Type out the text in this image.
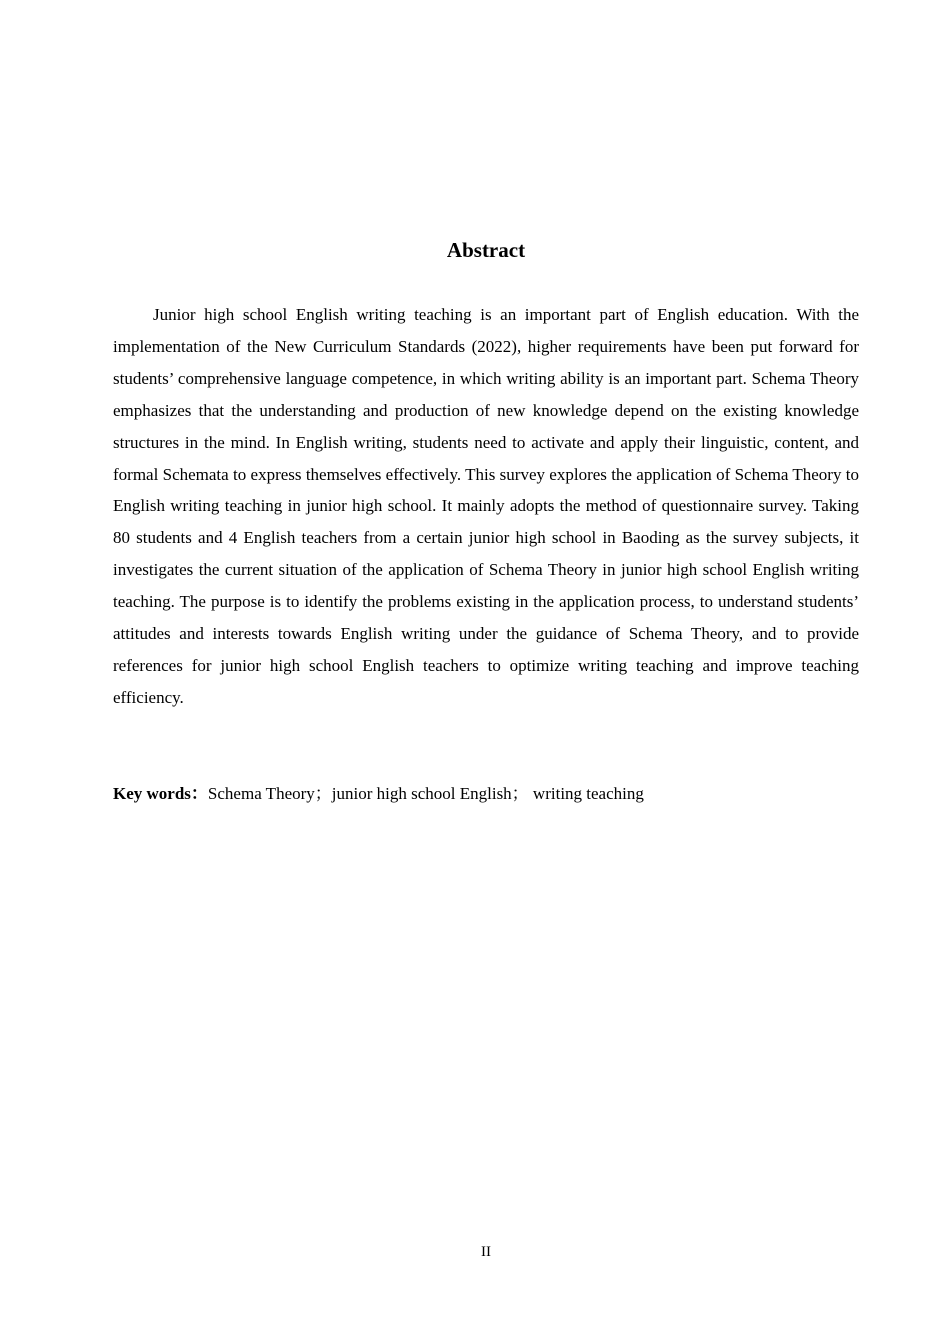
Abstract

Junior high school English writing teaching is an important part of English education. With the implementation of the New Curriculum Standards (2022), higher requirements have been put forward for students’ comprehensive language competence, in which writing ability is an important part. Schema Theory emphasizes that the understanding and production of new knowledge depend on the existing knowledge structures in the mind. In English writing, students need to activate and apply their linguistic, content, and formal Schemata to express themselves effectively. This survey explores the application of Schema Theory to English writing teaching in junior high school. It mainly adopts the method of questionnaire survey. Taking 80 students and 4 English teachers from a certain junior high school in Baoding as the survey subjects, it investigates the current situation of the application of Schema Theory in junior high school English writing teaching. The purpose is to identify the problems existing in the application process, to understand students’ attitudes and interests towards English writing under the guidance of Schema Theory, and to provide references for junior high school English teachers to optimize writing teaching and improve teaching efficiency.

Key words：Schema Theory；junior high school English； writing teaching

II
